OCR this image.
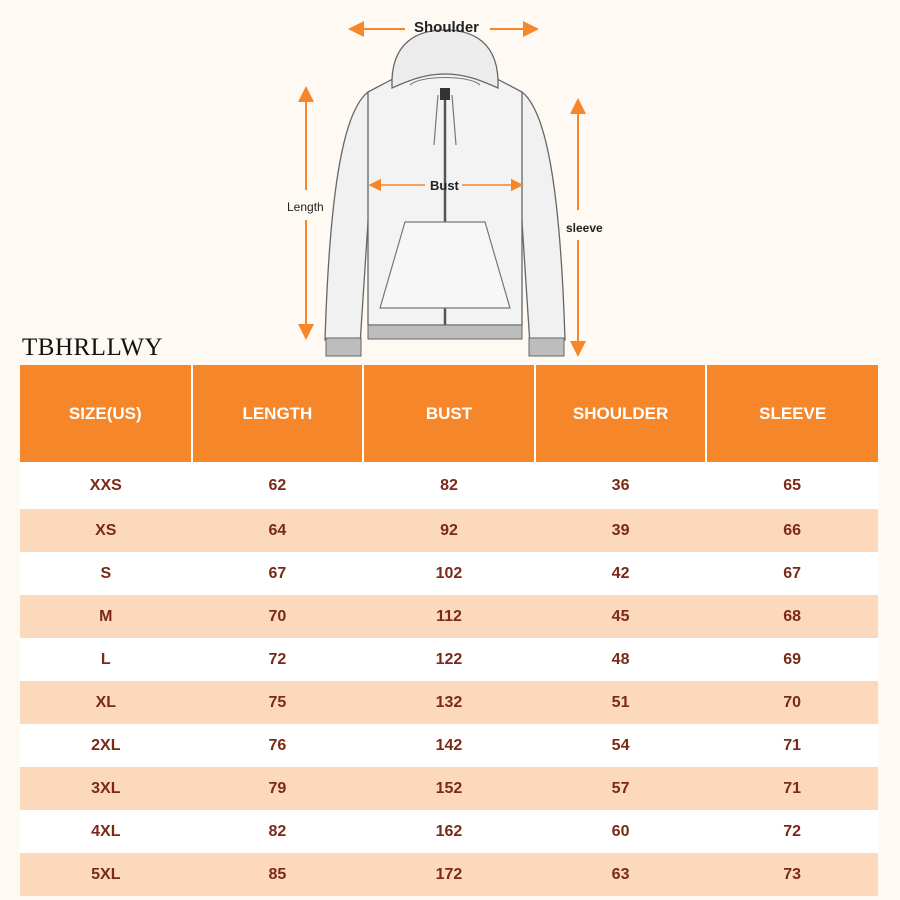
Shoulder
Bust
Length
sleeve
TBHRLLWY
SIZE(US)	LENGTH	BUST	SHOULDER	SLEEVE
XXS	62	82	36	65
XS	64	92	39	66
S	67	102	42	67
M	70	112	45	68
L	72	122	48	69
XL	75	132	51	70
2XL	76	142	54	71
3XL	79	152	57	71
4XL	82	162	60	72
5XL	85	172	63	73
